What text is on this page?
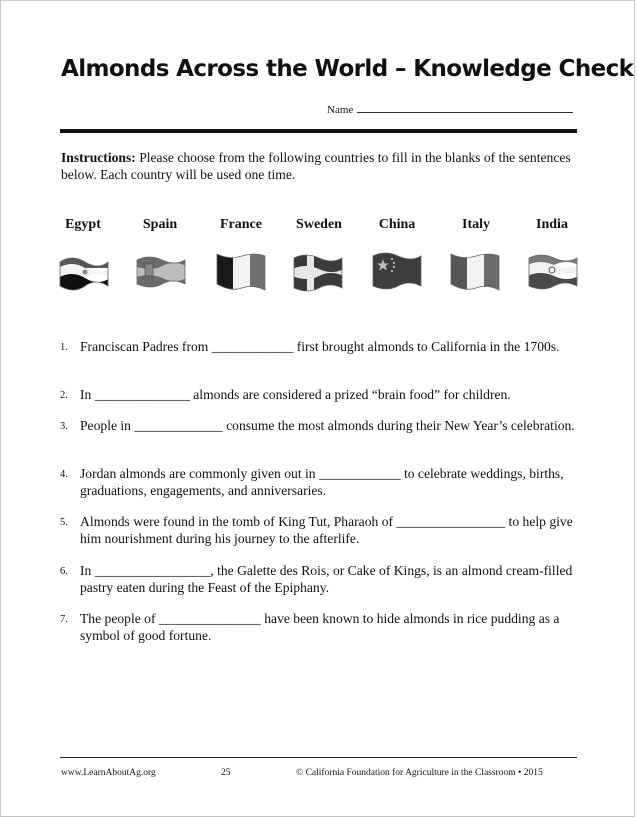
Almonds Across the World – Knowledge Check
Name
Instructions: Please choose from the following countries to fill in the blanks of the sentences below. Each country will be used one time.
Egypt	Spain	France	Sweden	China	Italy	India
1. Franciscan Padres from ____________ first brought almonds to California in the 1700s.
2. In ______________ almonds are considered a prized “brain food” for children.
3. People in _____________ consume the most almonds during their New Year’s celebration.
4. Jordan almonds are commonly given out in ____________ to celebrate weddings, births, graduations, engagements, and anniversaries.
5. Almonds were found in the tomb of King Tut, Pharaoh of ________________ to help give him nourishment during his journey to the afterlife.
6. In _________________, the Galette des Rois, or Cake of Kings, is an almond cream-filled pastry eaten during the Feast of the Epiphany.
7. The people of _______________ have been known to hide almonds in rice pudding as a symbol of good fortune.
www.LearnAboutAg.org	25	© California Foundation for Agriculture in the Classroom • 2015
